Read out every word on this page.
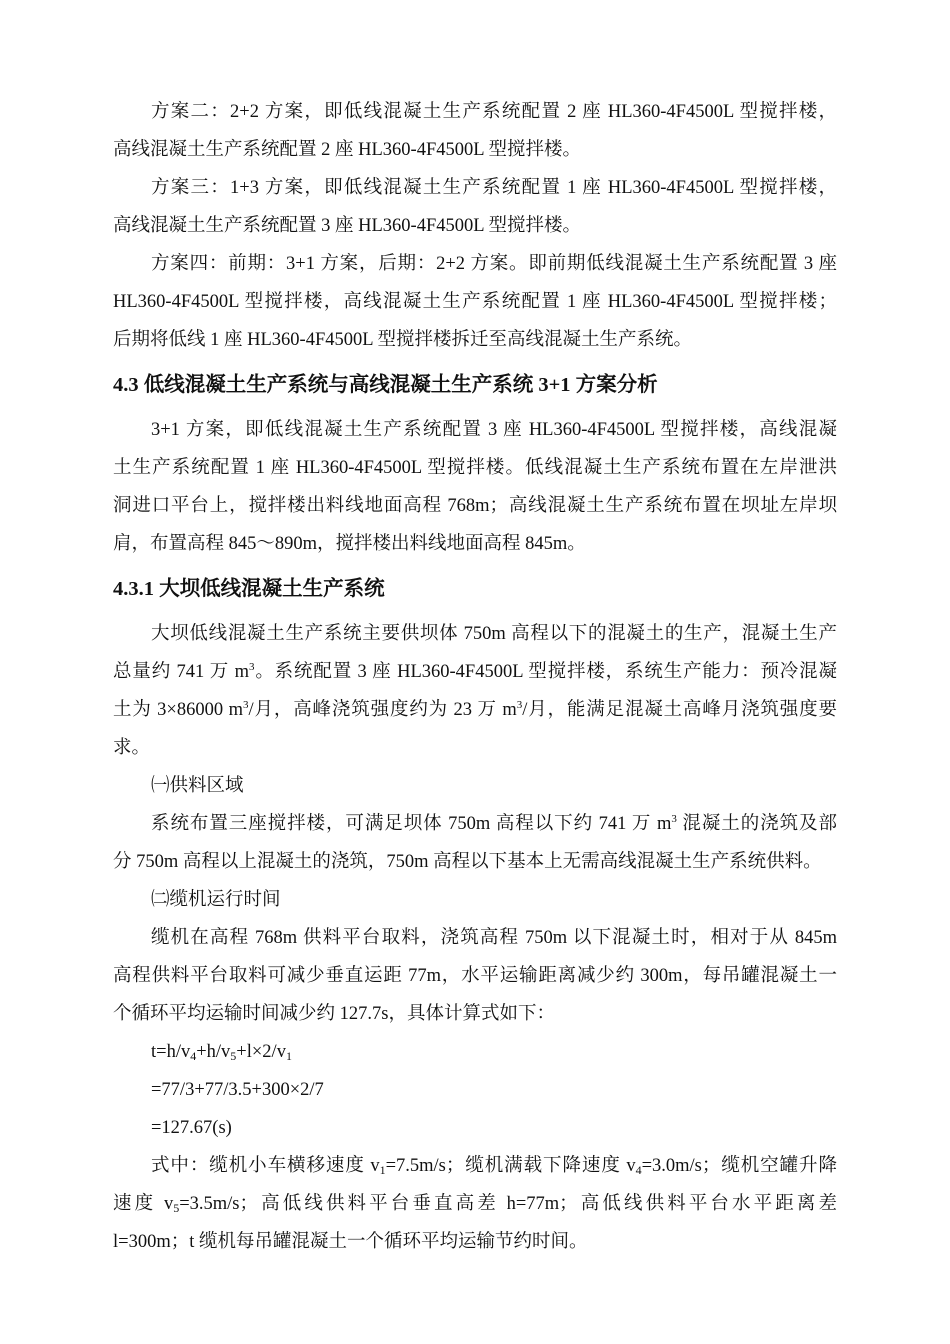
方案二：2+2 方案，即低线混凝土生产系统配置 2 座 HL360-4F4500L 型搅拌楼，
高线混凝土生产系统配置 2 座 HL360-4F4500L 型搅拌楼。
方案三：1+3 方案，即低线混凝土生产系统配置 1 座 HL360-4F4500L 型搅拌楼，
高线混凝土生产系统配置 3 座 HL360-4F4500L 型搅拌楼。
方案四：前期：3+1 方案，后期：2+2 方案。即前期低线混凝土生产系统配置 3 座
HL360-4F4500L 型搅拌楼，高线混凝土生产系统配置 1 座 HL360-4F4500L 型搅拌楼；
后期将低线 1 座 HL360-4F4500L 型搅拌楼拆迁至高线混凝土生产系统。
4.3 低线混凝土生产系统与高线混凝土生产系统 3+1 方案分析
3+1 方案，即低线混凝土生产系统配置 3 座 HL360-4F4500L 型搅拌楼，高线混凝
土生产系统配置 1 座 HL360-4F4500L 型搅拌楼。低线混凝土生产系统布置在左岸泄洪
洞进口平台上，搅拌楼出料线地面高程 768m；高线混凝土生产系统布置在坝址左岸坝
肩，布置高程 845～890m，搅拌楼出料线地面高程 845m。
4.3.1 大坝低线混凝土生产系统
大坝低线混凝土生产系统主要供坝体 750m 高程以下的混凝土的生产，混凝土生产
总量约 741 万 $m^3$。系统配置 3 座 HL360-4F4500L 型搅拌楼，系统生产能力：预冷混凝
土为 3×86000 $m^3/$月，高峰浇筑强度约为 23 万 $m^3/$月，能满足混凝土高峰月浇筑强度要
求。
㈠供料区域
系统布置三座搅拌楼，可满足坝体 750m 高程以下约 741 万 $m^3$ 混凝土的浇筑及部
分 750m 高程以上混凝土的浇筑，750m 高程以下基本上无需高线混凝土生产系统供料。
㈡缆机运行时间
缆机在高程 768m 供料平台取料，浇筑高程 750m 以下混凝土时，相对于从 845m
高程供料平台取料可减少垂直运距 77m，水平运输距离减少约 300m，每吊罐混凝土一
个循环平均运输时间减少约 127.7s，具体计算式如下：

$t=h/v_4+h/v_5+l\times 2/v_1$

=77/3+77/3.5+300×2/7

=127.67(s)

式中：缆机小车横移速度 $v_1=7.5m/s$；缆机满载下降速度 $v_4=3.0m/s$；缆机空罐升降
速度 $v_5=3.5m/s$；高低线供料平台垂直高差 h=77m；高低线供料平台水平距离差
l=300m；t 缆机每吊罐混凝土一个循环平均运输节约时间。
